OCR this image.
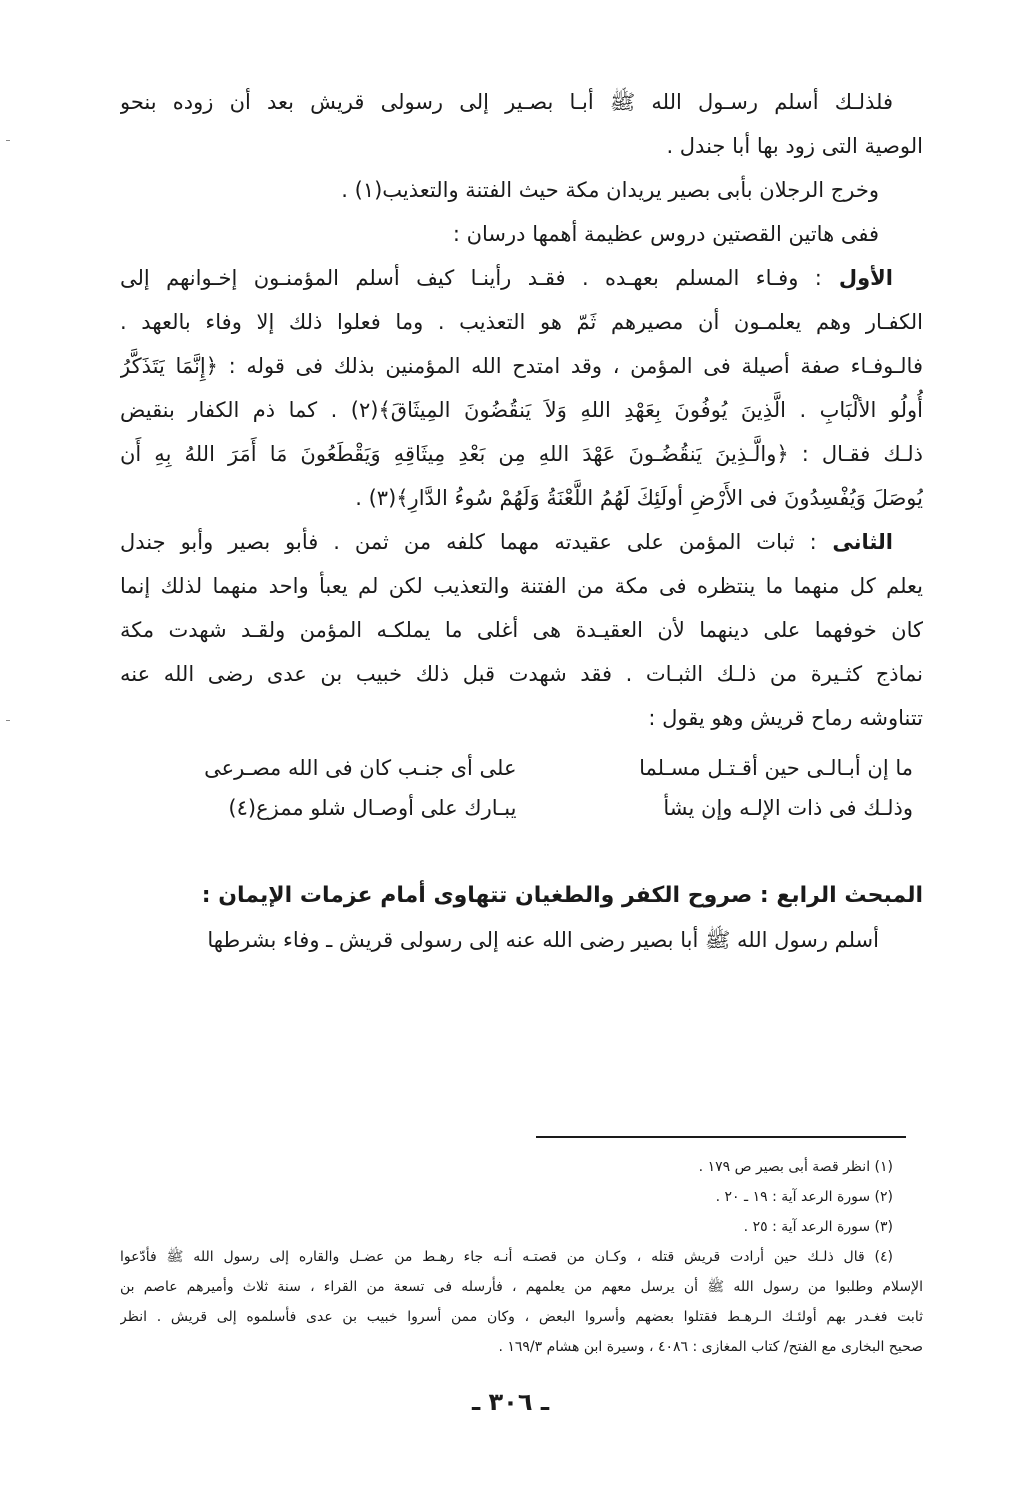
فلذلـك أسلم رسـول الله ﷺ أبـا بصـير إلى رسولى قريش بعد أن زوده بنحو
الوصية التى زود بها أبا جندل .
وخرج الرجلان بأبى بصير يريدان مكة حيث الفتنة والتعذيب(١) .
ففى هاتين القصتين دروس عظيمة أهمها درسان :
الأول : وفـاء المسلم بعهـده . فقـد رأينـا كيف أسلم المؤمنـون إخـوانهم إلى
الكفـار وهم يعلمـون أن مصيرهم ثَمّ هو التعذيب . وما فعلوا ذلك إلا وفاء بالعهد .
فالـوفـاء صفة أصيلة فى المؤمن ، وقد امتدح الله المؤمنين بذلك فى قوله : ﴿إِنَّمَا يَتَذَكَّرُ
أُولُو الألْبَابِ . الَّذِينَ يُوفُونَ بِعَهْدِ اللهِ وَلاَ يَنقُضُونَ المِيثَاقَ﴾(٢) . كما ذم الكفار بنقيض
ذلـك فقـال : ﴿والَّـذِينَ يَنقُضُـونَ عَهْدَ اللهِ مِن بَعْدِ مِيثَاقِهِ وَيَقْطَعُونَ مَا أَمَرَ اللهُ بِهِ أَن
يُوصَلَ وَيُفْسِدُونَ فى الأَرْضِ أولَئِكَ لَهُمُ اللَّعْنَةُ وَلَهُمْ سُوءُ الدَّارِ﴾(٣) .
الثانى : ثبات المؤمن على عقيدته مهما كلفه من ثمن . فأبو بصير وأبو جندل
يعلم كل منهما ما ينتظره فى مكة من الفتنة والتعذيب لكن لم يعبأ واحد منهما لذلك إنما
كان خوفهما على دينهما لأن العقيـدة هى أغلى ما يملكـه المؤمن ولقـد شهدت مكة
نماذج كثـيرة من ذلـك الثبـات . فقد شهدت قبل ذلك خبيب بن عدى رضى الله عنه
تتناوشه رماح قريش وهو يقول :
ما إن أبـالـى حين أقـتـل مسـلما
على أى جنـب كان فى الله مصـرعى
وذلـك فى ذات الإلـه وإن يشأ
يبـارك على أوصـال شلو ممزع(٤)
المبحث الرابع : صروح الكفر والطغيان تتهاوى أمام عزمات الإيمان :
أسلم رسول الله ﷺ أبا بصير رضى الله عنه إلى رسولى قريش ـ وفاء بشرطها
(١) انظر قصة أبى بصير ص ١٧٩ .
(٢) سورة الرعد آية : ١٩ ـ ٢٠ .
(٣) سورة الرعد آية : ٢٥ .
(٤) قال ذلـك حين أرادت قريش قتله ، وكـان من قصتـه أنـه جاء رهـط من عضـل والقاره إلى رسول الله ﷺ فأدّعوا
الإسلام وطلبوا من رسول الله ﷺ أن يرسل معهم من يعلمهم ، فأرسله فى تسعة من القراء ، سنة ثلاث وأميرهم عاصم بن
ثابت فغـدر بهم أولئـك الـرهـط فقتلوا بعضهم وأسروا البعض ، وكان ممن أسروا خبيب بن عدى فأسلموه إلى قريش . انظر
صحيح البخارى مع الفتح/ كتاب المغازى : ٤٠٨٦ ، وسيرة ابن هشام ١٦٩/٣ .
ـ ٣٠٦ ـ
